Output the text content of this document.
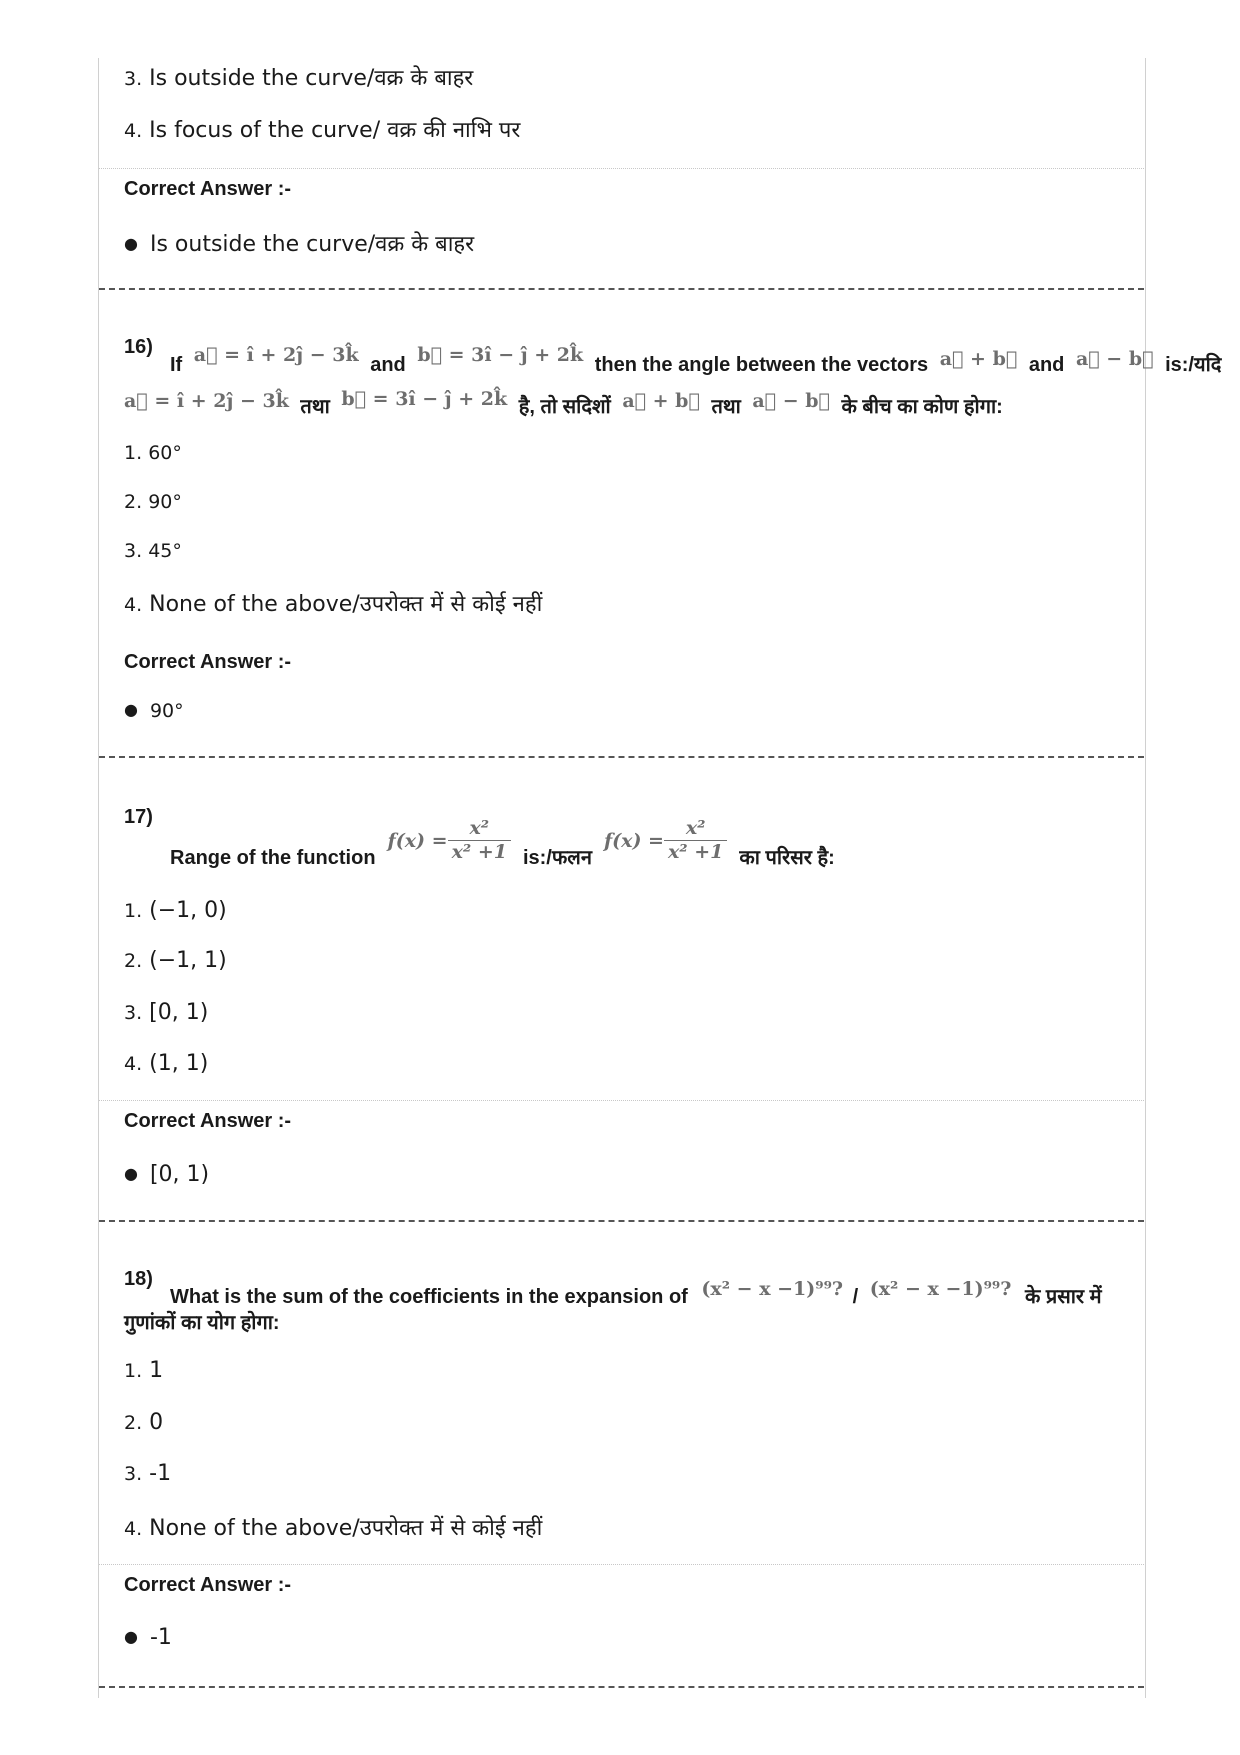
3. Is outside the curve/वक्र के बाहर
4. Is focus of the curve/ वक्र की नाभि पर
Correct Answer :-
● Is outside the curve/वक्र के बाहर
16)
If a⃗ = î + 2ĵ − 3k̂ and b⃗ = 3î − ĵ + 2k̂ then the angle between the vectors a⃗ + b⃗ and a⃗ − b⃗ is:/यदि
a⃗ = î + 2ĵ − 3k̂ तथा b⃗ = 3î − ĵ + 2k̂ है, तो सदिशों a⃗ + b⃗ तथा a⃗ − b⃗ के बीच का कोण होगा:
1. 60°
2. 90°
3. 45°
4. None of the above/उपरोक्त में से कोई नहीं
Correct Answer :-
● 90°
17)
Range of the function
$f(x) = \frac{\text{x²}}{\text{x² +1}}$ is:/फलन
$f(x) = \frac{\text{x²}}{\text{x² +1}}$ का परिसर है:
1. (−1, 0)
2. (−1, 1)
3. [0, 1)
4. (1, 1)
Correct Answer :-
● [0, 1)
18)
What is the sum of the coefficients in the expansion of (x² − x −1)⁹⁹? / (x² − x −1)⁹⁹? के प्रसार में
गुणांकों का योग होगा:
1. 1
2. 0
3. -1
4. None of the above/उपरोक्त में से कोई नहीं
Correct Answer :-
● -1
